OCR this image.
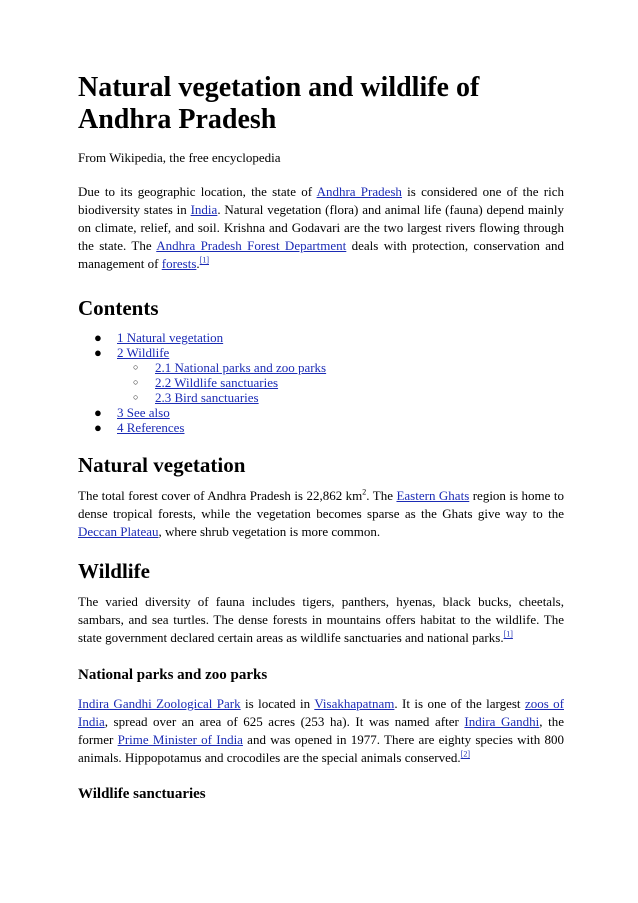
Natural vegetation and wildlife of Andhra Pradesh
From Wikipedia, the free encyclopedia

Due to its geographic location, the state of Andhra Pradesh is considered one of the rich biodiversity states in India. Natural vegetation (flora) and animal life (fauna) depend mainly on climate, relief, and soil. Krishna and Godavari are the two largest rivers flowing through the state. The Andhra Pradesh Forest Department deals with protection, conservation and management of forests.[1]

Contents
● 1 Natural vegetation
● 2 Wildlife
○ 2.1 National parks and zoo parks
○ 2.2 Wildlife sanctuaries
○ 2.3 Bird sanctuaries
● 3 See also
● 4 References
Natural vegetation

The total forest cover of Andhra Pradesh is 22,862 $km^2$. The Eastern Ghats region is home to dense tropical forests, while the vegetation becomes sparse as the Ghats give way to the Deccan Plateau, where shrub vegetation is more common.

Wildlife

The varied diversity of fauna includes tigers, panthers, hyenas, black bucks, cheetals, sambars, and sea turtles. The dense forests in mountains offers habitat to the wildlife. The state government declared certain areas as wildlife sanctuaries and national parks.[1]

National parks and zoo parks

Indira Gandhi Zoological Park is located in Visakhapatnam. It is one of the largest zoos of India, spread over an area of 625 acres (253 ha). It was named after Indira Gandhi, the former Prime Minister of India and was opened in 1977. There are eighty species with 800 animals. Hippopotamus and crocodiles are the special animals conserved.[2]

Wildlife sanctuaries
